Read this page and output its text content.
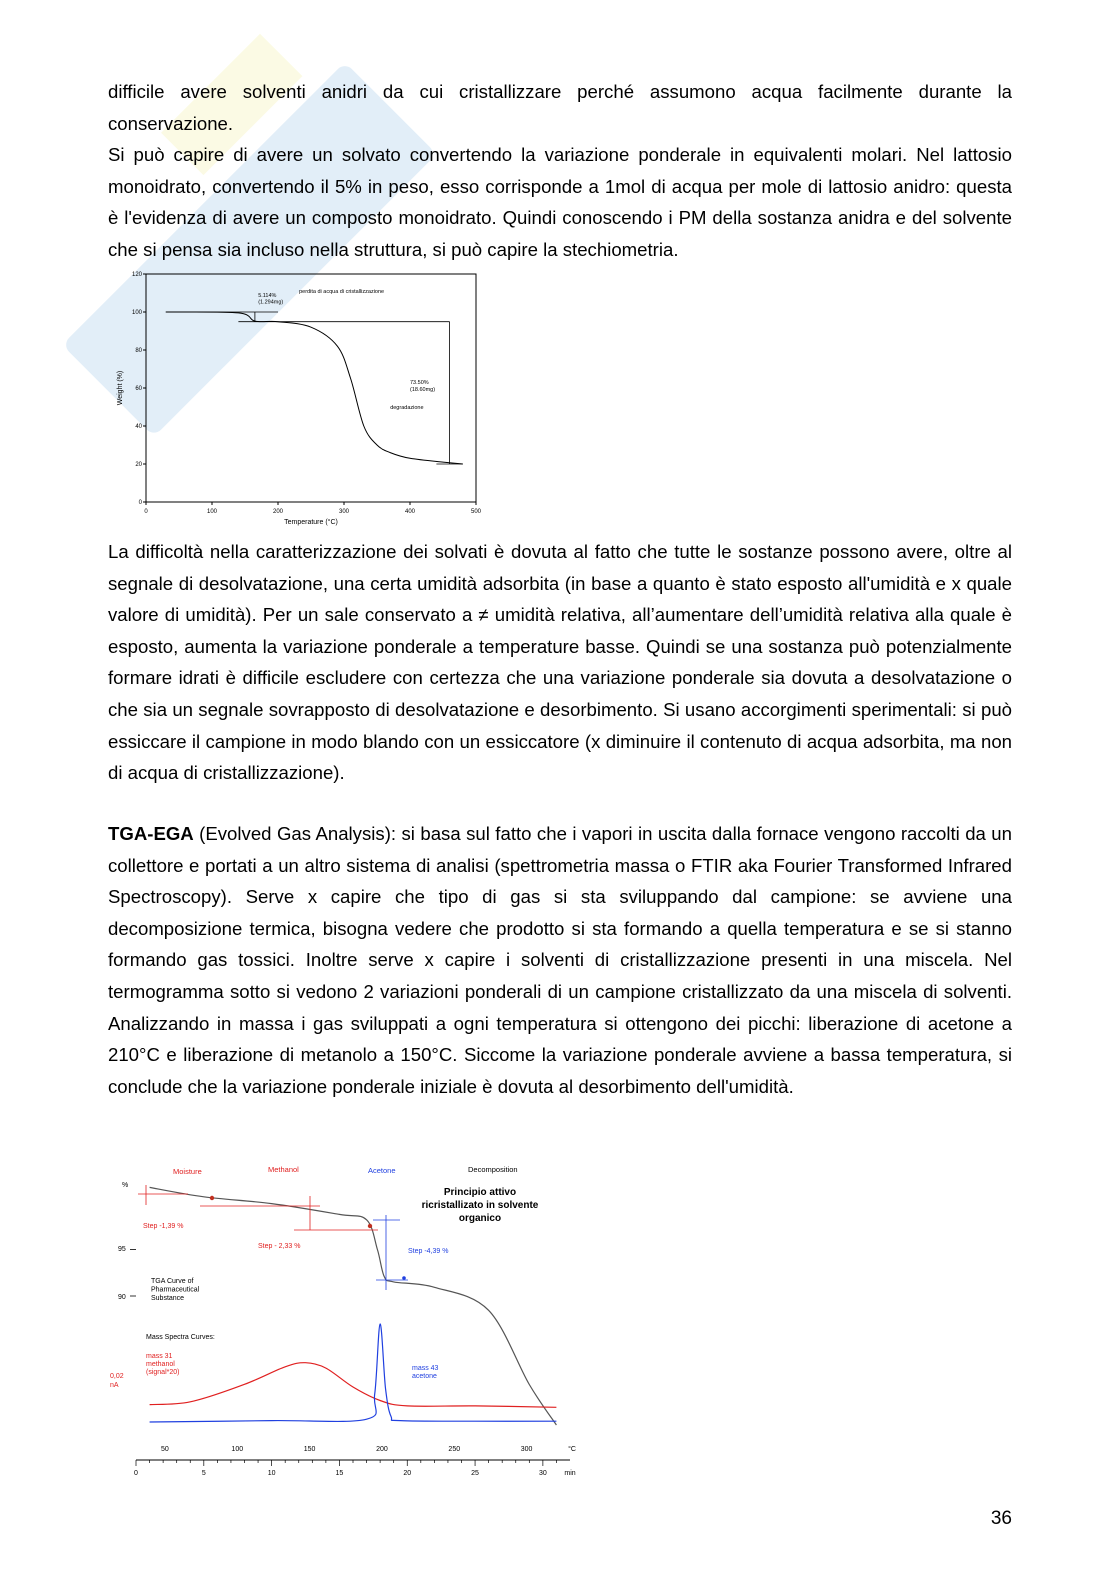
difficile avere solventi anidri da cui cristallizzare perché assumono acqua facilmente durante la conservazione.

Si può capire di avere un solvato convertendo la variazione ponderale in equivalenti molari. Nel lattosio monoidrato, convertendo il 5% in peso, esso corrisponde a 1mol di acqua per mole di lattosio anidro: questa è l'evidenza di avere un composto monoidrato. Quindi conoscendo i PM della sostanza anidra e del solvente che si pensa sia incluso nella struttura, si può capire la stechiometria.

0	100	200	300	400	500
0
20
40
60
80
100
120
Temperature (°C)
Weight (%)
5.114%
(1.294mg)
perdita di acqua di cristallizzazione
73.50%
(18.60mg)
degradazione

La difficoltà nella caratterizzazione dei solvati è dovuta al fatto che tutte le sostanze possono avere, oltre al segnale di desolvatazione, una certa umidità adsorbita (in base a quanto è stato esposto all'umidità e x quale valore di umidità). Per un sale conservato a ≠ umidità relativa, all’aumentare dell’umidità relativa alla quale è esposto, aumenta la variazione ponderale a temperature basse. Quindi se una sostanza può potenzialmente formare idrati è difficile escludere con certezza che una variazione ponderale sia dovuta a desolvatazione o che sia un segnale sovrapposto di desolvatazione e desorbimento. Si usano accorgimenti sperimentali: si può essiccare il campione in modo blando con un essiccatore (x diminuire il contenuto di acqua adsorbita, ma non di acqua di cristallizzazione).

TGA-EGA (Evolved Gas Analysis): si basa sul fatto che i vapori in uscita dalla fornace vengono raccolti da un collettore e portati a un altro sistema di analisi (spettrometria massa o FTIR aka Fourier Transformed Infrared Spectroscopy). Serve x capire che tipo di gas si sta sviluppando dal campione: se avviene una decomposizione termica, bisogna vedere che prodotto si sta formando a quella temperatura e se si stanno formando gas tossici. Inoltre serve x capire i solventi di cristallizzazione presenti in una miscela. Nel termogramma sotto si vedono 2 variazioni ponderali di un campione cristallizzato da una miscela di solventi. Analizzando in massa i gas sviluppati a ogni temperatura si ottengono dei picchi: liberazione di acetone a 210°C e liberazione di metanolo a 150°C. Siccome la variazione ponderale avviene a bassa temperatura, si conclude che la variazione ponderale iniziale è dovuta al desorbimento dell'umidità.

Moisture	Methanol	Acetone	Decomposition
%
95
90
Principio attivo
ricristallizato in solvente
organico
Step -1,39 %
Step - 2,33 %
Step -4,39 %
TGA Curve of
Pharmaceutical
Substance
Mass Spectra Curves:
mass 31
methanol
(signal*20)
0,02
nA
mass 43
acetone
50	100	150	200	250	300	°C
0	5	10	15	20	25	30	min
36
